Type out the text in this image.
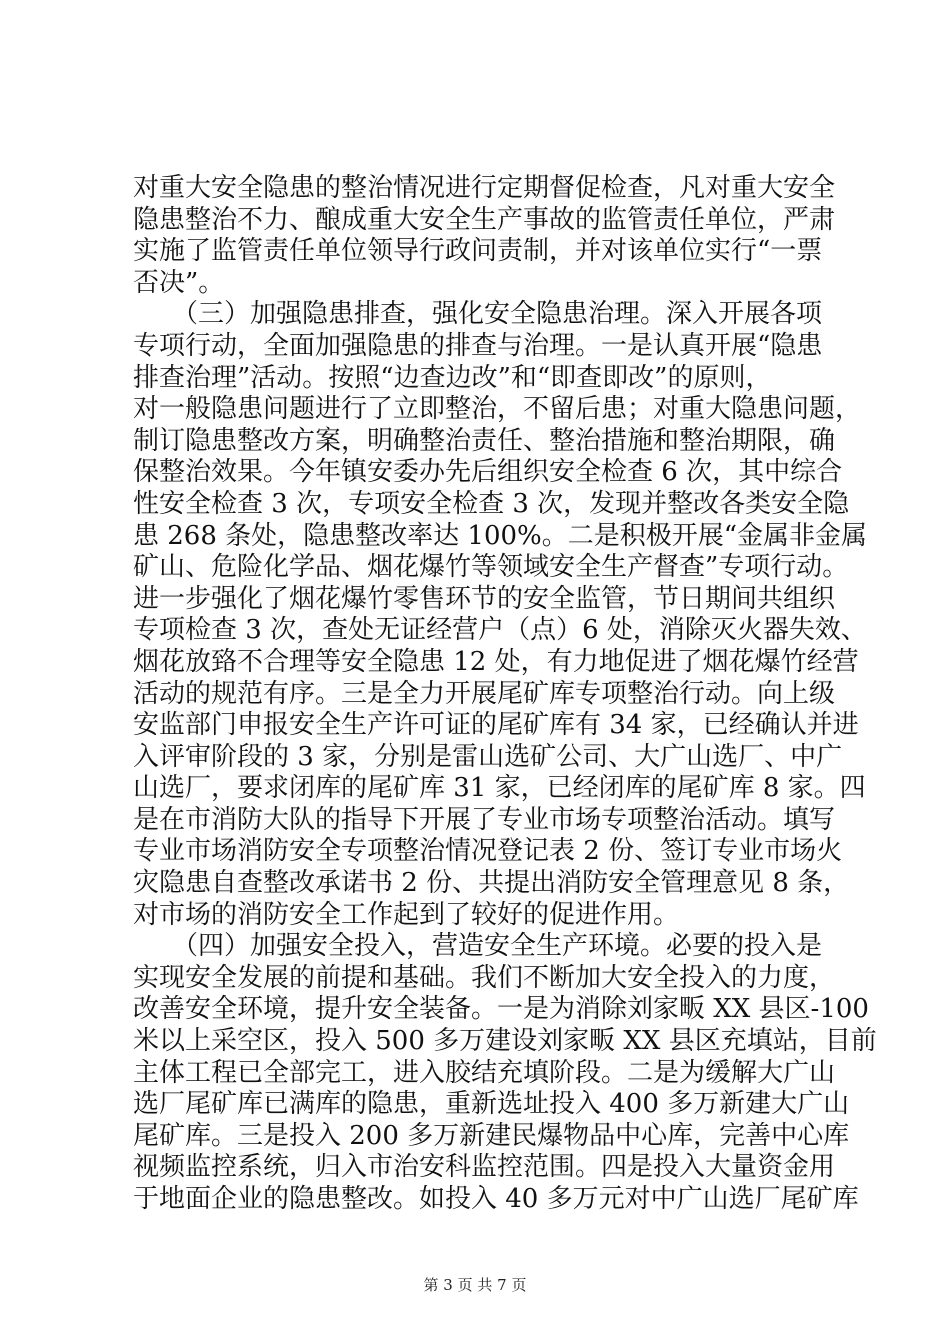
对重大安全隐患的整治情况进行定期督促检查，凡对重大安全
隐患整治不力、酿成重大安全生产事故的监管责任单位，严肃
实施了监管责任单位领导行政问责制，并对该单位实行“一票
否决”。
　　（三）加强隐患排查，强化安全隐患治理。深入开展各项
专项行动，全面加强隐患的排查与治理。一是认真开展“隐患
排查治理”活动。按照“边查边改”和“即查即改”的原则，
对一般隐患问题进行了立即整治，不留后患；对重大隐患问题，
制订隐患整改方案，明确整治责任、整治措施和整治期限，确
保整治效果。今年镇安委办先后组织安全检查 6 次，其中综合
性安全检查 3 次，专项安全检查 3 次，发现并整改各类安全隐
患 268 条处，隐患整改率达 100%。二是积极开展“金属非金属
矿山、危险化学品、烟花爆竹等领域安全生产督查”专项行动。
进一步强化了烟花爆竹零售环节的安全监管，节日期间共组织
专项检查 3 次，查处无证经营户（点）6 处，消除灭火器失效、
烟花放臵不合理等安全隐患 12 处，有力地促进了烟花爆竹经营
活动的规范有序。三是全力开展尾矿库专项整治行动。向上级
安监部门申报安全生产许可证的尾矿库有 34 家，已经确认并进
入评审阶段的 3 家，分别是雷山选矿公司、大广山选厂、中广
山选厂，要求闭库的尾矿库 31 家，已经闭库的尾矿库 8 家。四
是在市消防大队的指导下开展了专业市场专项整治活动。填写
专业市场消防安全专项整治情况登记表 2 份、签订专业市场火
灾隐患自查整改承诺书 2 份、共提出消防安全管理意见 8 条，
对市场的消防安全工作起到了较好的促进作用。
　　（四）加强安全投入，营造安全生产环境。必要的投入是
实现安全发展的前提和基础。我们不断加大安全投入的力度，
改善安全环境，提升安全装备。一是为消除刘家畈 XX 县区-100
米以上采空区，投入 500 多万建设刘家畈 XX 县区充填站，目前
主体工程已全部完工，进入胶结充填阶段。二是为缓解大广山
选厂尾矿库已满库的隐患，重新选址投入 400 多万新建大广山
尾矿库。三是投入 200 多万新建民爆物品中心库，完善中心库
视频监控系统，归入市治安科监控范围。四是投入大量资金用
于地面企业的隐患整改。如投入 40 多万元对中广山选厂尾矿库
第 3 页 共 7 页
